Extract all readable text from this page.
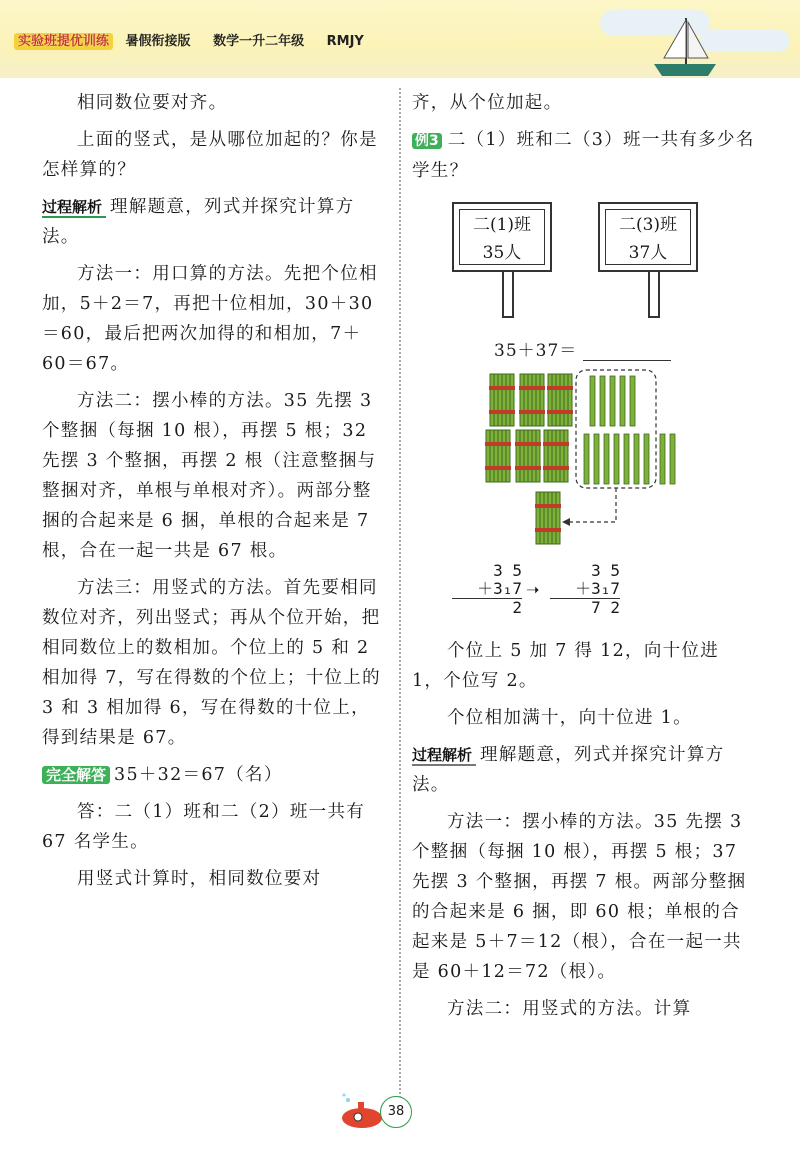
实验班提优训练 暑假衔接版 数学一升二年级 RMJY

相同数位要对齐。

上面的竖式，是从哪位加起的？你是怎样算的？

过程解析 理解题意，列式并探究计算方法。

方法一：用口算的方法。先把个位相加，5＋2＝7，再把十位相加，30＋30＝60，最后把两次加得的和相加，7＋60＝67。

方法二：摆小棒的方法。35 先摆 3 个整捆（每捆 10 根），再摆 5 根；32 先摆 3 个整捆，再摆 2 根（注意整捆与整捆对齐，单根与单根对齐）。两部分整捆的合起来是 6 捆，单根的合起来是 7 根，合在一起一共是 67 根。

方法三：用竖式的方法。首先要相同数位对齐，列出竖式；再从个位开始，把相同数位上的数相加。个位上的 5 和 2 相加得 7，写在得数的个位上；十位上的 3 和 3 相加得 6，写在得数的十位上，得到结果是 67。

完全解答 35＋32＝67（名）

答：二（1）班和二（2）班一共有 67 名学生。

用竖式计算时，相同数位要对

齐，从个位加起。

例3 二（1）班和二（3）班一共有多少名学生？

二(1)班
35人
二(3)班
37人
35＋37＝
3 5
＋3₁7
2
➝
3 5
＋3₁7
7 2

个位上 5 加 7 得 12，向十位进 1，个位写 2。

个位相加满十，向十位进 1。

过程解析 理解题意，列式并探究计算方法。

方法一：摆小棒的方法。35 先摆 3 个整捆（每捆 10 根），再摆 5 根；37 先摆 3 个整捆，再摆 7 根。两部分整捆的合起来是 6 捆，即 60 根；单根的合起来是 5＋7＝12（根），合在一起一共是 60＋12＝72（根）。

方法二：用竖式的方法。计算

38
